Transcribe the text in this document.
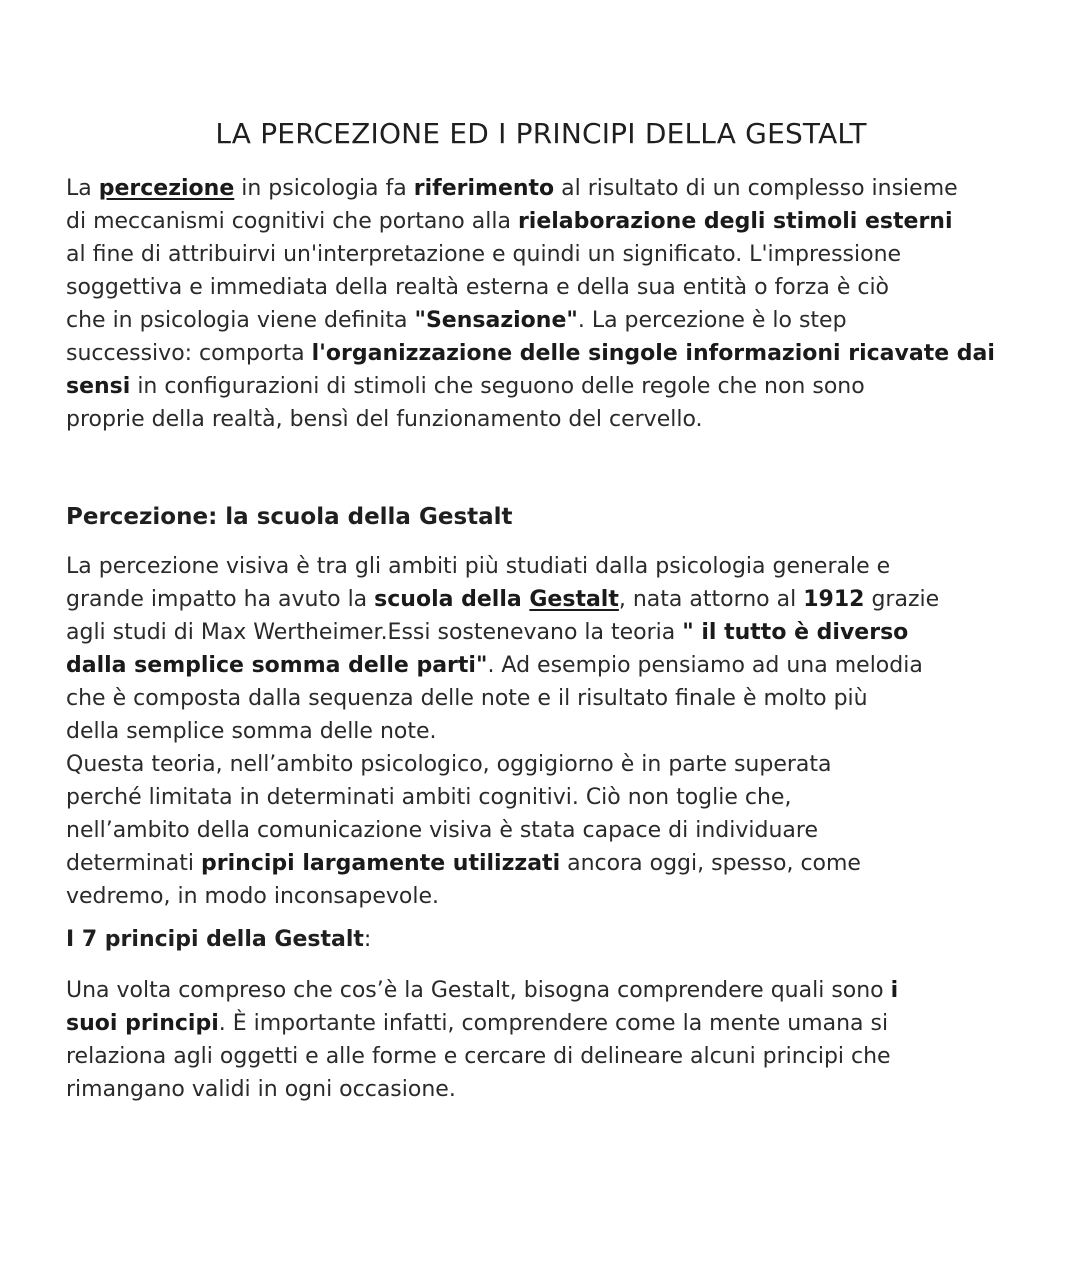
LA PERCEZIONE ED I PRINCIPI DELLA GESTALT

La percezione in psicologia fa riferimento al risultato di un complesso insieme
di meccanismi cognitivi che portano alla rielaborazione degli stimoli esterni
al fine di attribuirvi un'interpretazione e quindi un significato. L'impressione
soggettiva e immediata della realtà esterna e della sua entità o forza è ciò
che in psicologia viene definita "Sensazione". La percezione è lo step
successivo: comporta l'organizzazione delle singole informazioni ricavate dai
sensi in configurazioni di stimoli che seguono delle regole che non sono
proprie della realtà, bensì del funzionamento del cervello.

Percezione: la scuola della Gestalt

La percezione visiva è tra gli ambiti più studiati dalla psicologia generale e
grande impatto ha avuto la scuola della Gestalt, nata attorno al 1912 grazie
agli studi di Max Wertheimer.Essi sostenevano la teoria " il tutto è diverso
dalla semplice somma delle parti". Ad esempio pensiamo ad una melodia
che è composta dalla sequenza delle note e il risultato finale è molto più
della semplice somma delle note.
Questa teoria, nell’ambito psicologico, oggigiorno è in parte superata
perché limitata in determinati ambiti cognitivi. Ciò non toglie che,
nell’ambito della comunicazione visiva è stata capace di individuare
determinati principi largamente utilizzati ancora oggi, spesso, come
vedremo, in modo inconsapevole.

I 7 principi della Gestalt:

Una volta compreso che cos’è la Gestalt, bisogna comprendere quali sono i
suoi principi. È importante infatti, comprendere come la mente umana si
relaziona agli oggetti e alle forme e cercare di delineare alcuni principi che
rimangano validi in ogni occasione.
